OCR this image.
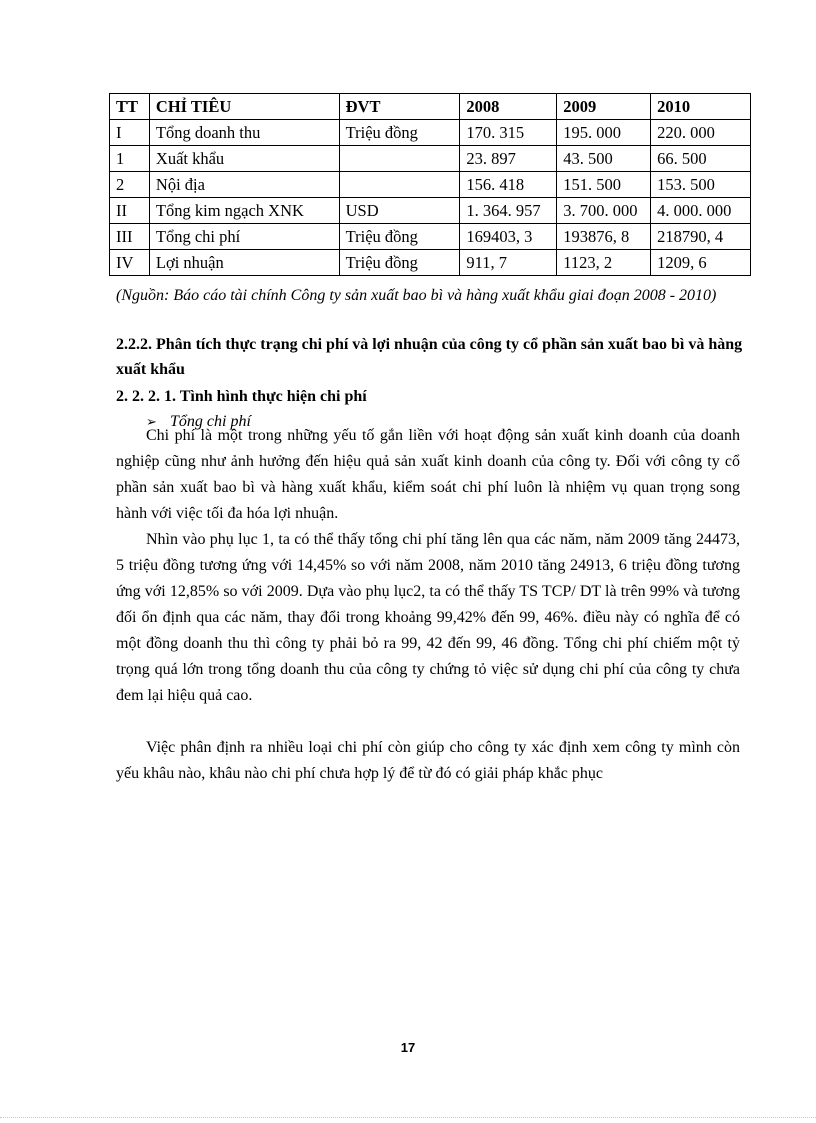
TT	CHỈ TIÊU	ĐVT	2008	2009	2010
I	Tổng doanh thu	Triệu đồng	170. 315	195. 000	220. 000
1	Xuất khẩu		23. 897	43. 500	66. 500
2	Nội địa		156. 418	151. 500	153. 500
II	Tổng kim ngạch XNK	USD	1. 364. 957	3. 700. 000	4. 000. 000
III	Tổng chi phí	Triệu đồng	169403, 3	193876, 8	218790, 4
IV	Lợi nhuận	Triệu đồng	911, 7	1123, 2	1209, 6
(Nguồn: Báo cáo tài chính Công ty sản xuất bao bì và hàng xuất khẩu giai đoạn 2008 - 2010)
2.2.2. Phân tích thực trạng chi phí và lợi nhuận của công ty cổ phần sản xuất bao bì và hàng xuất khẩu
2. 2. 2. 1. Tình hình thực hiện chi phí
➢ Tổng chi phí

Chi phí là một trong những yếu tố gắn liền với hoạt động sản xuất kinh doanh của doanh nghiệp cũng như ảnh hưởng đến hiệu quả sản xuất kinh doanh của công ty. Đối với công ty cổ phần sản xuất bao bì và hàng xuất khẩu, kiểm soát chi phí luôn là nhiệm vụ quan trọng song hành với việc tối đa hóa lợi nhuận.

Nhìn vào phụ lục 1, ta có thể thấy tổng chi phí tăng lên qua các năm, năm 2009 tăng 24473, 5 triệu đồng tương ứng với 14,45% so với năm 2008, năm 2010 tăng 24913, 6 triệu đồng tương ứng với 12,85% so với 2009. Dựa vào phụ lục2, ta có thể thấy TS TCP/ DT là trên 99% và tương đối ổn định qua các năm, thay đổi trong khoảng 99,42% đến 99, 46%. điều này có nghĩa để có một đồng doanh thu thì công ty phải bỏ ra 99, 42 đến 99, 46 đồng. Tổng chi phí chiếm một tỷ trọng quá lớn trong tổng doanh thu của công ty chứng tỏ việc sử dụng chi phí của công ty chưa đem lại hiệu quả cao.

Việc phân định ra nhiều loại chi phí còn giúp cho công ty xác định xem công ty mình còn yếu khâu nào, khâu nào chi phí chưa hợp lý để từ đó có giải pháp khắc phục

17
